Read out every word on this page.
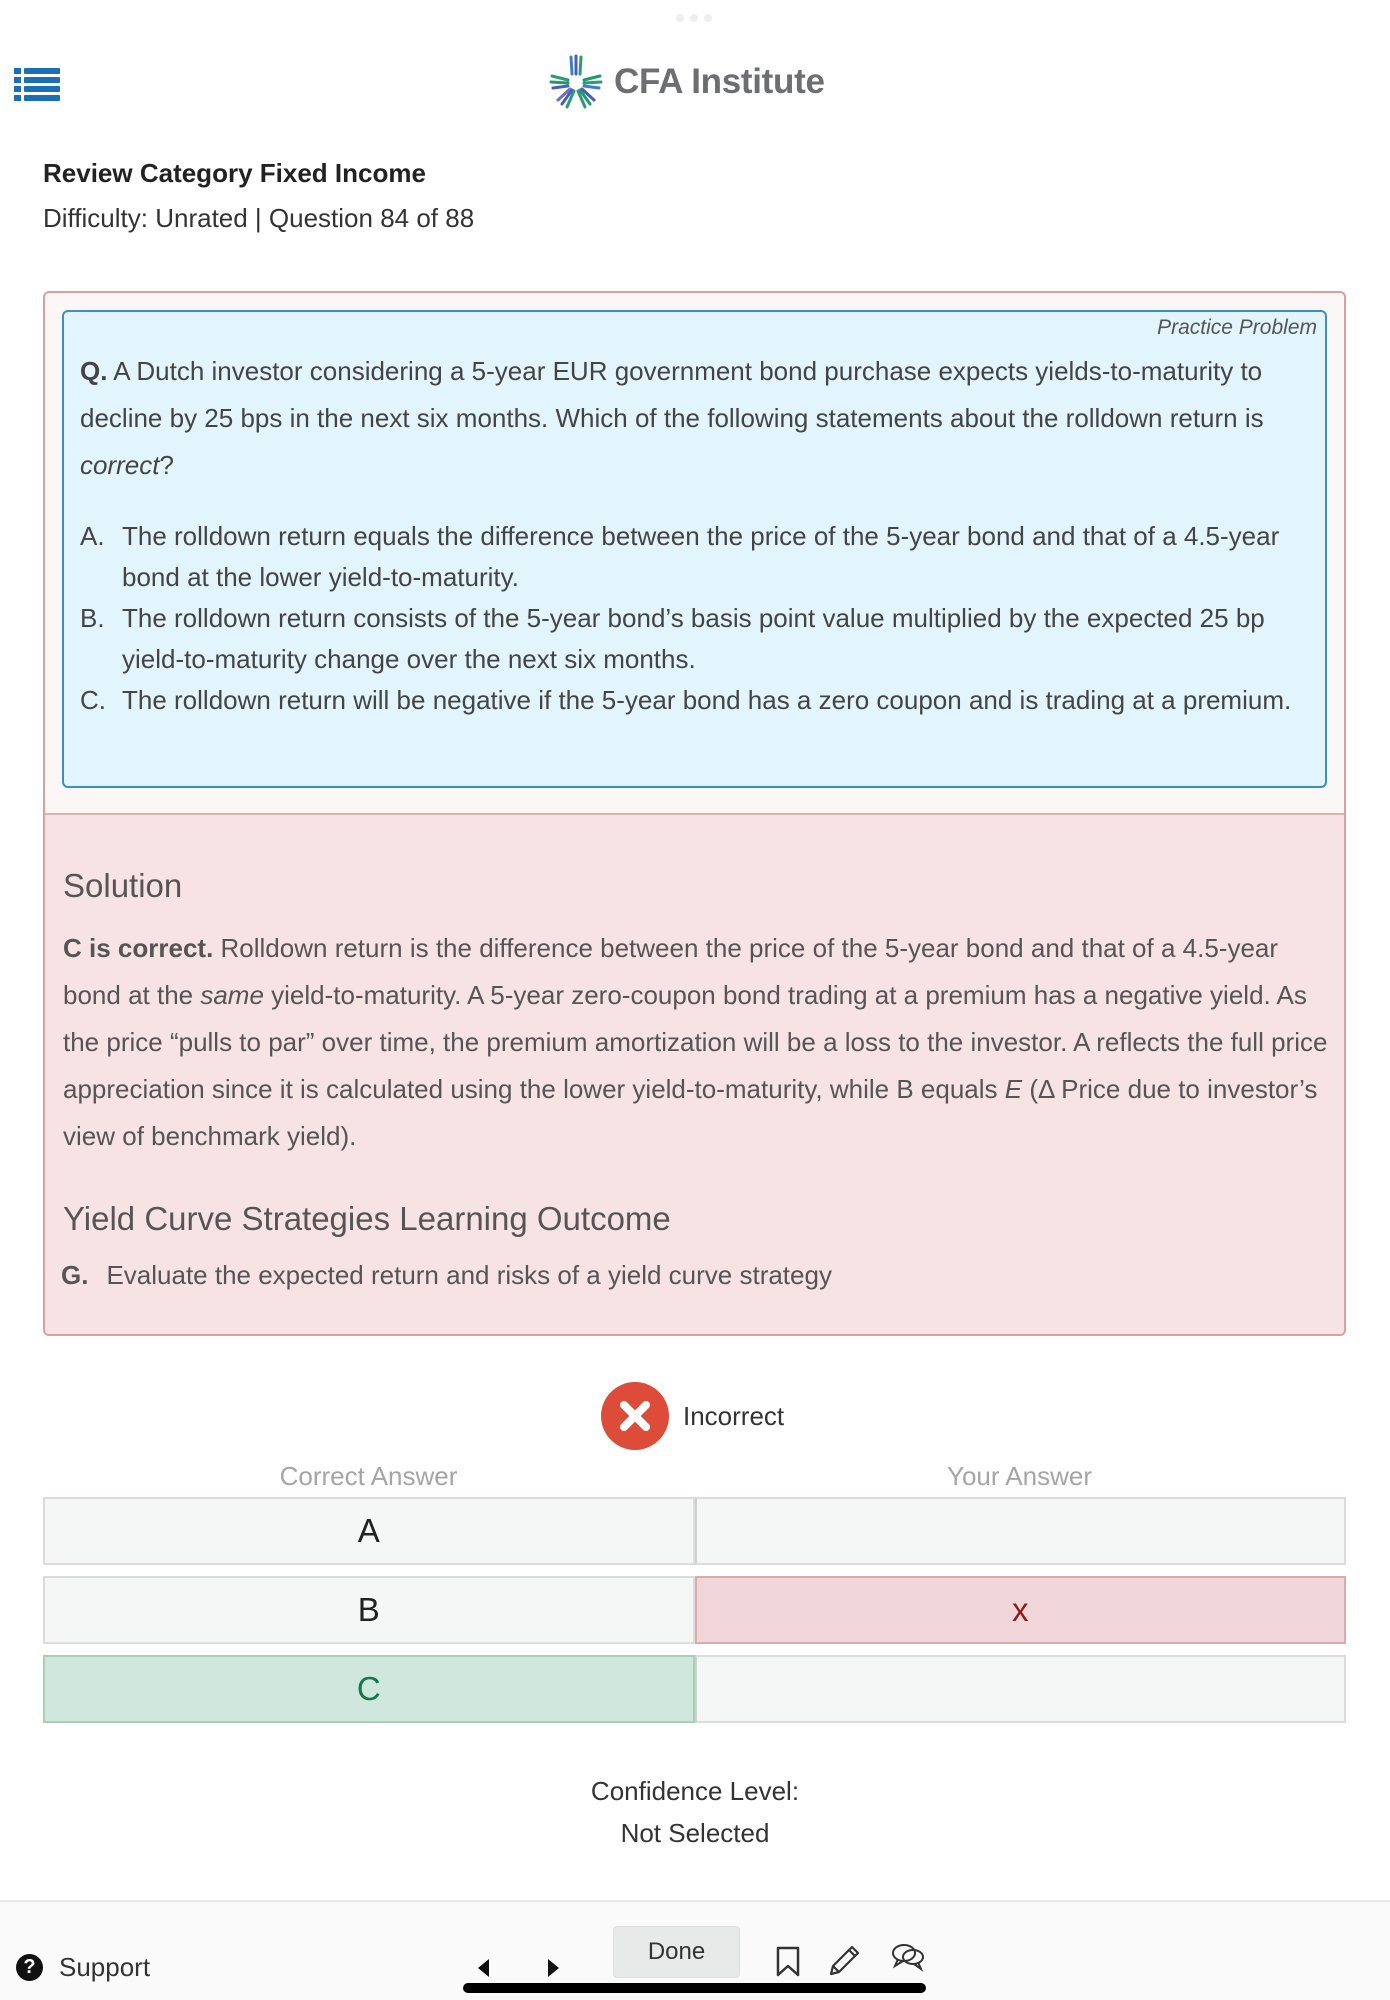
CFA Institute
Review Category Fixed Income
Difficulty: Unrated | Question 84 of 88
Practice Problem
Q. A Dutch investor considering a 5-year EUR government bond purchase expects yields-to-maturity to decline by 25 bps in the next six months. Which of the following statements about the rolldown return is correct?
A. The rolldown return equals the difference between the price of the 5-year bond and that of a 4.5-year bond at the lower yield-to-maturity.
B. The rolldown return consists of the 5-year bond’s basis point value multiplied by the expected 25 bp yield-to-maturity change over the next six months.
C. The rolldown return will be negative if the 5-year bond has a zero coupon and is trading at a premium.
Solution
C is correct. Rolldown return is the difference between the price of the 5-year bond and that of a 4.5-year bond at the same yield-to-maturity. A 5-year zero-coupon bond trading at a premium has a negative yield. As the price “pulls to par” over time, the premium amortization will be a loss to the investor. A reflects the full price appreciation since it is calculated using the lower yield-to-maturity, while B equals E (Δ Price due to investor’s view of benchmark yield).
Yield Curve Strategies Learning Outcome
G. Evaluate the expected return and risks of a yield curve strategy
Incorrect
Correct Answer	Your Answer
A
B	x
C
Confidence Level:
Not Selected
? Support
Done
